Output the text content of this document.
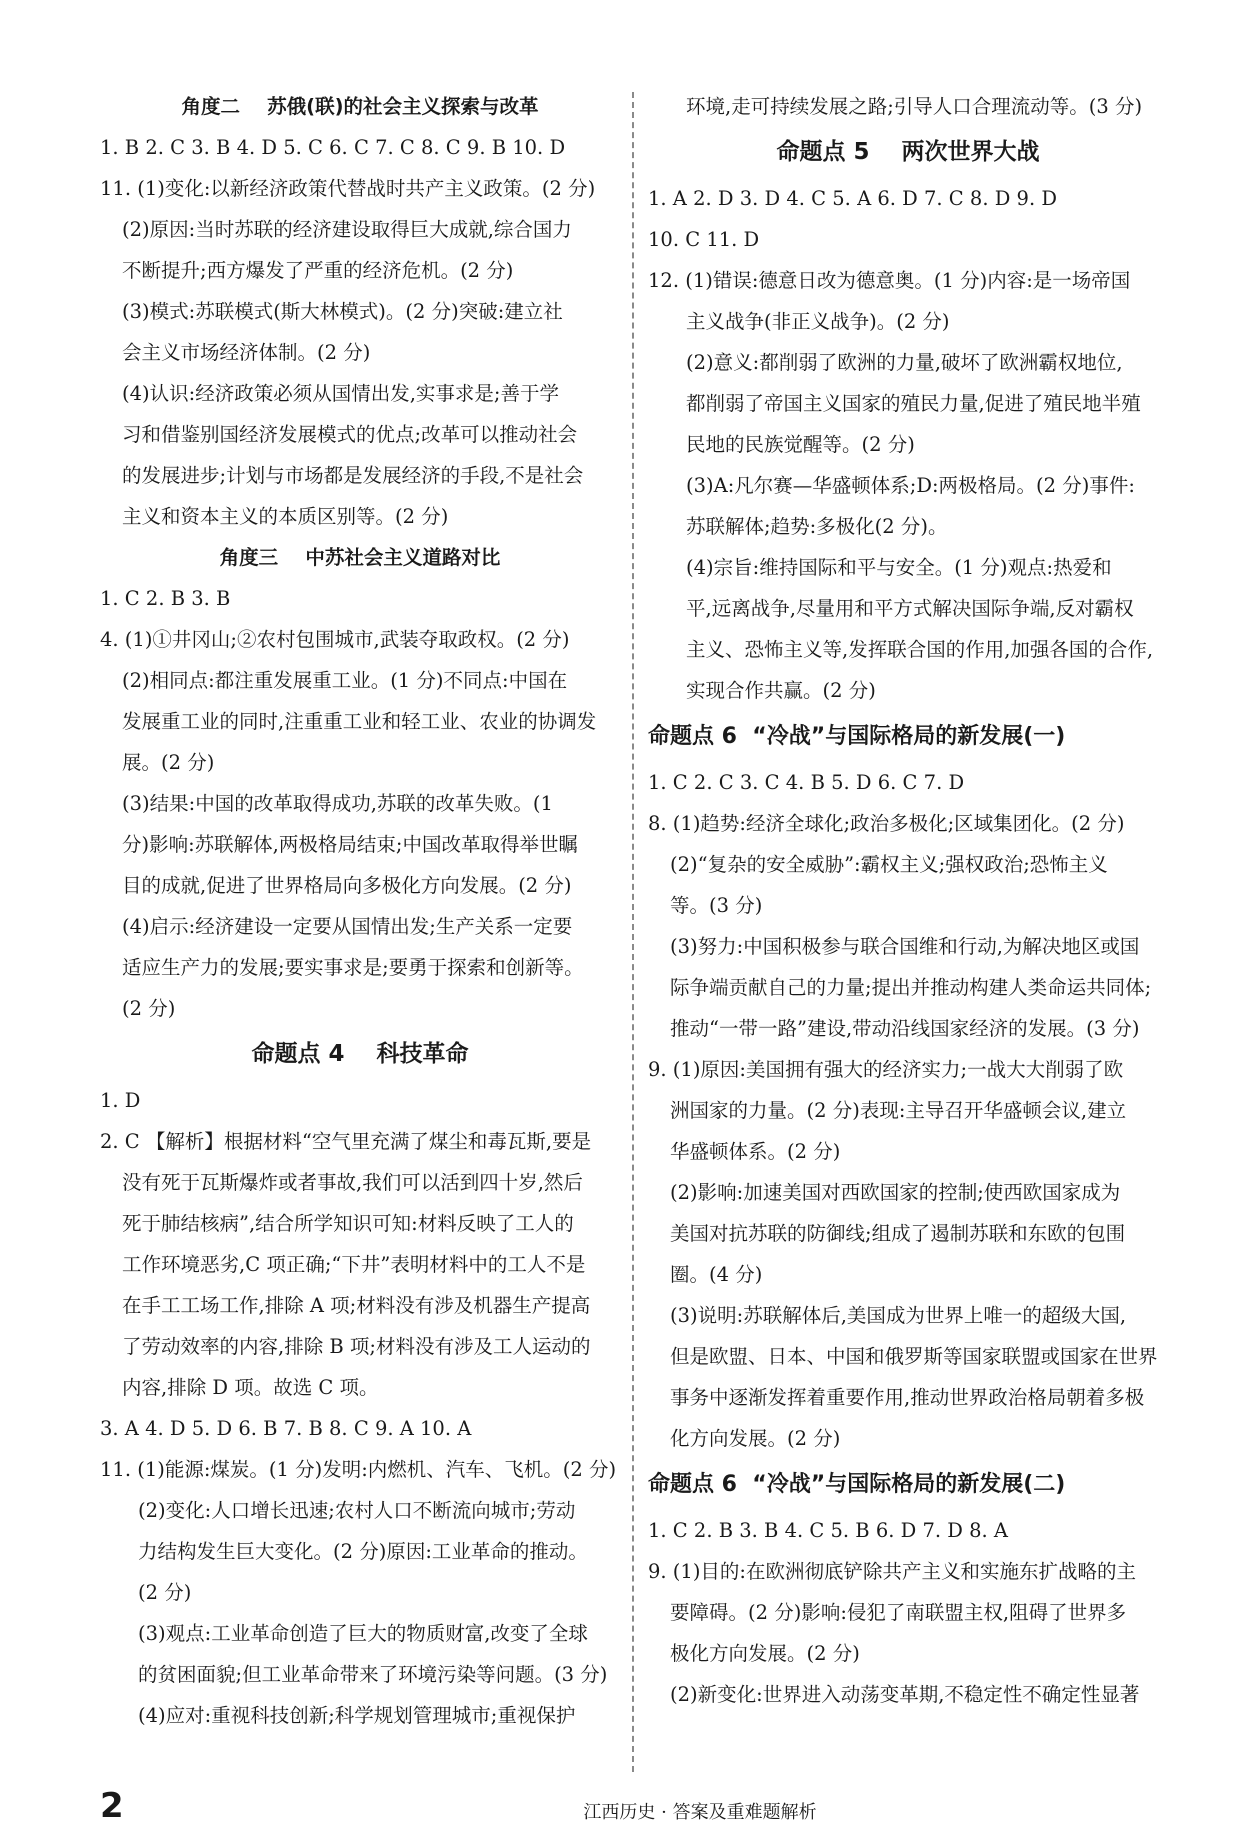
角度二    苏俄(联)的社会主义探索与改革
1. B 2. C 3. B 4. D 5. C 6. C 7. C 8. C 9. B 10. D
11. (1)变化:以新经济政策代替战时共产主义政策。(2 分)
(2)原因:当时苏联的经济建设取得巨大成就,综合国力
不断提升;西方爆发了严重的经济危机。(2 分)
(3)模式:苏联模式(斯大林模式)。(2 分)突破:建立社
会主义市场经济体制。(2 分)
(4)认识:经济政策必须从国情出发,实事求是;善于学
习和借鉴别国经济发展模式的优点;改革可以推动社会
的发展进步;计划与市场都是发展经济的手段,不是社会
主义和资本主义的本质区别等。(2 分)
角度三    中苏社会主义道路对比
1. C 2. B 3. B
4. (1)①井冈山;②农村包围城市,武装夺取政权。(2 分)
(2)相同点:都注重发展重工业。(1 分)不同点:中国在
发展重工业的同时,注重重工业和轻工业、农业的协调发
展。(2 分)
(3)结果:中国的改革取得成功,苏联的改革失败。(1
分)影响:苏联解体,两极格局结束;中国改革取得举世瞩
目的成就,促进了世界格局向多极化方向发展。(2 分)
(4)启示:经济建设一定要从国情出发;生产关系一定要
适应生产力的发展;要实事求是;要勇于探索和创新等。
(2 分)
命题点 4    科技革命
1. D
2. C 【解析】根据材料“空气里充满了煤尘和毒瓦斯,要是
没有死于瓦斯爆炸或者事故,我们可以活到四十岁,然后
死于肺结核病”,结合所学知识可知:材料反映了工人的
工作环境恶劣,C 项正确;“下井”表明材料中的工人不是
在手工工场工作,排除 A 项;材料没有涉及机器生产提高
了劳动效率的内容,排除 B 项;材料没有涉及工人运动的
内容,排除 D 项。故选 C 项。
3. A 4. D 5. D 6. B 7. B 8. C 9. A 10. A
11. (1)能源:煤炭。(1 分)发明:内燃机、汽车、飞机。(2 分)
(2)变化:人口增长迅速;农村人口不断流向城市;劳动
力结构发生巨大变化。(2 分)原因:工业革命的推动。
(2 分)
(3)观点:工业革命创造了巨大的物质财富,改变了全球
的贫困面貌;但工业革命带来了环境污染等问题。(3 分)
(4)应对:重视科技创新;科学规划管理城市;重视保护
环境,走可持续发展之路;引导人口合理流动等。(3 分)
命题点 5    两次世界大战
1. A 2. D 3. D 4. C 5. A 6. D 7. C 8. D 9. D
10. C 11. D
12. (1)错误:德意日改为德意奥。(1 分)内容:是一场帝国
主义战争(非正义战争)。(2 分)
(2)意义:都削弱了欧洲的力量,破坏了欧洲霸权地位,
都削弱了帝国主义国家的殖民力量,促进了殖民地半殖
民地的民族觉醒等。(2 分)
(3)A:凡尔赛—华盛顿体系;D:两极格局。(2 分)事件:
苏联解体;趋势:多极化(2 分)。
(4)宗旨:维持国际和平与安全。(1 分)观点:热爱和
平,远离战争,尽量用和平方式解决国际争端,反对霸权
主义、恐怖主义等,发挥联合国的作用,加强各国的合作,
实现合作共赢。(2 分)
命题点 6  “冷战”与国际格局的新发展(一)
1. C 2. C 3. C 4. B 5. D 6. C 7. D
8. (1)趋势:经济全球化;政治多极化;区域集团化。(2 分)
(2)“复杂的安全威胁”:霸权主义;强权政治;恐怖主义
等。(3 分)
(3)努力:中国积极参与联合国维和行动,为解决地区或国
际争端贡献自己的力量;提出并推动构建人类命运共同体;
推动“一带一路”建设,带动沿线国家经济的发展。(3 分)
9. (1)原因:美国拥有强大的经济实力;一战大大削弱了欧
洲国家的力量。(2 分)表现:主导召开华盛顿会议,建立
华盛顿体系。(2 分)
(2)影响:加速美国对西欧国家的控制;使西欧国家成为
美国对抗苏联的防御线;组成了遏制苏联和东欧的包围
圈。(4 分)
(3)说明:苏联解体后,美国成为世界上唯一的超级大国,
但是欧盟、日本、中国和俄罗斯等国家联盟或国家在世界
事务中逐渐发挥着重要作用,推动世界政治格局朝着多极
化方向发展。(2 分)
命题点 6  “冷战”与国际格局的新发展(二)
1. C 2. B 3. B 4. C 5. B 6. D 7. D 8. A
9. (1)目的:在欧洲彻底铲除共产主义和实施东扩战略的主
要障碍。(2 分)影响:侵犯了南联盟主权,阻碍了世界多
极化方向发展。(2 分)
(2)新变化:世界进入动荡变革期,不稳定性不确定性显著
2	江西历史 · 答案及重难题解析
